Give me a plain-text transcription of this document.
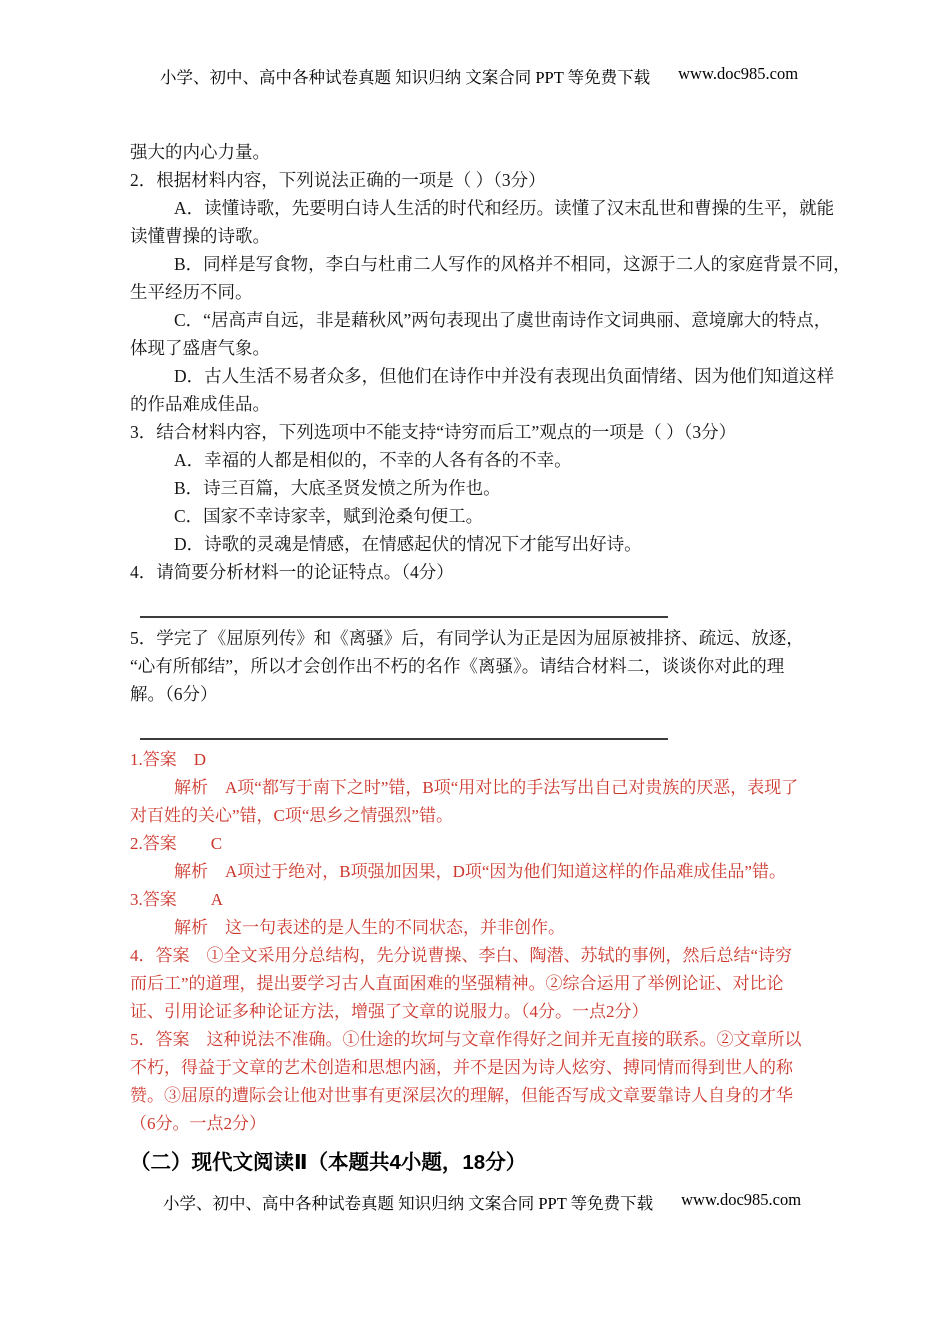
小学、初中、高中各种试卷真题 知识归纳 文案合同 PPT 等免费下载 www.doc985.com
强大的内心力量。
2．根据材料内容，下列说法正确的一项是（ ）（3分）
A．读懂诗歌，先要明白诗人生活的时代和经历。读懂了汉末乱世和曹操的生平，就能
读懂曹操的诗歌。
B．同样是写食物，李白与杜甫二人写作的风格并不相同，这源于二人的家庭背景不同，
生平经历不同。
C．“居高声自远，非是藉秋风”两句表现出了虞世南诗作文词典丽、意境廓大的特点，
体现了盛唐气象。
D．古人生活不易者众多，但他们在诗作中并没有表现出负面情绪、因为他们知道这样
的作品难成佳品。
3．结合材料内容，下列选项中不能支持“诗穷而后工”观点的一项是（ ）（3分）
A．幸福的人都是相似的，不幸的人各有各的不幸。
B．诗三百篇，大底圣贤发愤之所为作也。
C．国家不幸诗家幸，赋到沧桑句便工。
D．诗歌的灵魂是情感，在情感起伏的情况下才能写出好诗。
4．请简要分析材料一的论证特点。（4分）
5．学完了《屈原列传》和《离骚》后，有同学认为正是因为屈原被排挤、疏远、放逐，
“心有所郁结”，所以才会创作出不朽的名作《离骚》。请结合材料二，谈谈你对此的理
解。（6分）
1.答案　D
解析　A项“都写于南下之时”错，B项“用对比的手法写出自己对贵族的厌恶，表现了
对百姓的关心”错，C项“思乡之情强烈”错。
2.答案　　C
解析　A项过于绝对，B项强加因果，D项“因为他们知道这样的作品难成佳品”错。
3.答案　　A
解析　这一句表述的是人生的不同状态，并非创作。
4．答案　①全文采用分总结构，先分说曹操、李白、陶潜、苏轼的事例，然后总结“诗穷
而后工”的道理，提出要学习古人直面困难的坚强精神。②综合运用了举例论证、对比论
证、引用论证多种论证方法，增强了文章的说服力。（4分。一点2分）
5．答案　这种说法不准确。①仕途的坎坷与文章作得好之间并无直接的联系。②文章所以
不朽，得益于文章的艺术创造和思想内涵，并不是因为诗人炫穷、搏同情而得到世人的称
赞。③屈原的遭际会让他对世事有更深层次的理解，但能否写成文章要靠诗人自身的才华
（6分。一点2分）
（二）现代文阅读Ⅱ（本题共4小题，18分）
小学、初中、高中各种试卷真题 知识归纳 文案合同 PPT 等免费下载 www.doc985.com
